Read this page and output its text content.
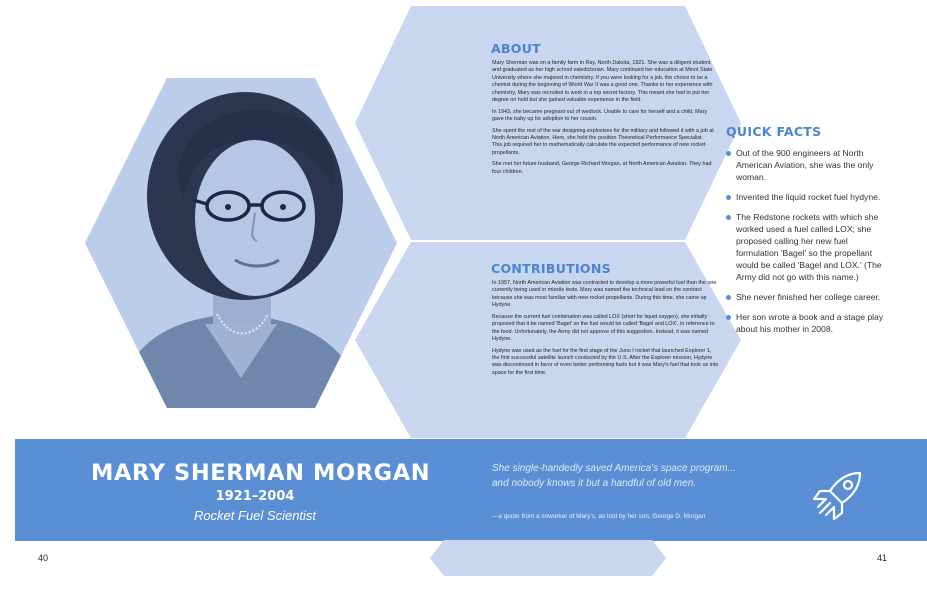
ABOUT

Mary Sherman was on a family farm in Ray, North Dakota, 1921. She was a diligent student and graduated as her high school valedictorian. Mary continued her education at Minot State University where she majored in chemistry. If you were looking for a job, the choice to be a chemist during the beginning of World War II was a good one. Thanks to her experience with chemistry, Mary was recruited to work in a top secret factory. This meant she had to put her degree on hold but she gained valuable experience in the field.

In 1943, she became pregnant out of wedlock. Unable to care for herself and a child, Mary gave the baby up for adoption to her cousin.

She spent the rest of the war designing explosives for the military and followed it with a job at North American Aviation. Here, she held the position Theoretical Performance Specialist. This job required her to mathematically calculate the expected performance of new rocket propellants.

She met her future husband, George Richard Morgan, at North American Aviation. They had four children.

CONTRIBUTIONS

In 1957, North American Aviation was contracted to develop a more powerful fuel than the one currently being used in missile tests. Mary was named the technical lead on the contract because she was most familiar with new rocket propellants. During this time, she came up Hydyne.

Because the current fuel combination was called LOX (short for liquid oxygen), she initially proposed that it be named 'Bagel' so the fuel would be called 'Bagel and LOX', in reference to the food. Unfortunately, the Army did not approve of this suggestion. Instead, it was named Hydyne.

Hydyne was used as the fuel for the first stage of the Juno I rocket that launched Explorer 1, the first successful satellite launch conducted by the U.S. After the Explorer mission, Hydyne was discontinued in favor of even better performing fuels but it was Mary's fuel that took us into space for the first time.

QUICK FACTS
Out of the 900 engineers at North American Aviation, she was the only woman.
Invented the liquid rocket fuel hydyne.
The Redstone rockets with which she worked used a fuel called LOX; she proposed calling her new fuel formulation 'Bagel' so the propellant would be called 'Bagel and LOX.' (The Army did not go with this name.)
She never finished her college career.
Her son wrote a book and a stage play about his mother in 2008.
MARY SHERMAN MORGAN
1921–2004
Rocket Fuel Scientist
She single-handedly saved America's space program...
and nobody knows it but a handful of old men.
—a quote from a coworker of Mary's, as told by her son, George D. Morgan
40	41
